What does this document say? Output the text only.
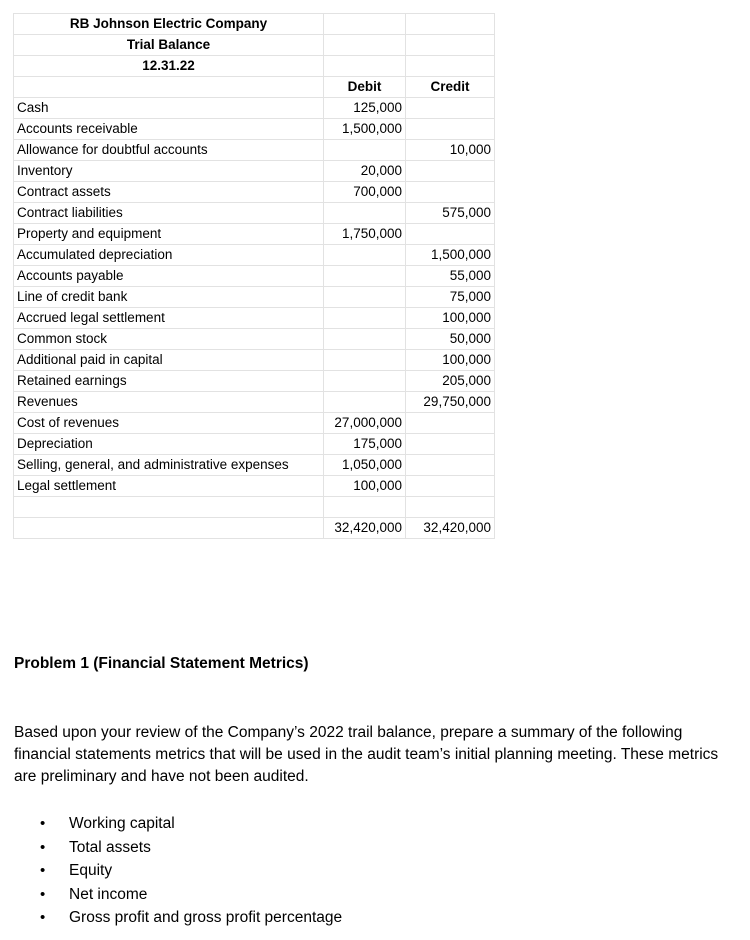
RB Johnson Electric Company		
Trial Balance		
12.31.22		
	Debit	Credit
Cash	125,000	
Accounts receivable	1,500,000	
Allowance for doubtful accounts		10,000
Inventory	20,000	
Contract assets	700,000	
Contract liabilities		575,000
Property and equipment	1,750,000	
Accumulated depreciation		1,500,000
Accounts payable		55,000
Line of credit bank		75,000
Accrued legal settlement		100,000
Common stock		50,000
Additional paid in capital		100,000
Retained earnings		205,000
Revenues		29,750,000
Cost of revenues	27,000,000	
Depreciation	175,000	
Selling, general, and administrative expenses	1,050,000	
Legal settlement	100,000	

	32,420,000	32,420,000
Problem 1 (Financial Statement Metrics)

Based upon your review of the Company’s 2022 trail balance, prepare a summary of the following financial statements metrics that will be used in the audit team’s initial planning meeting. These metrics are preliminary and have not been audited.

•	Working capital
•	Total assets
•	Equity
•	Net income
•	Gross profit and gross profit percentage
